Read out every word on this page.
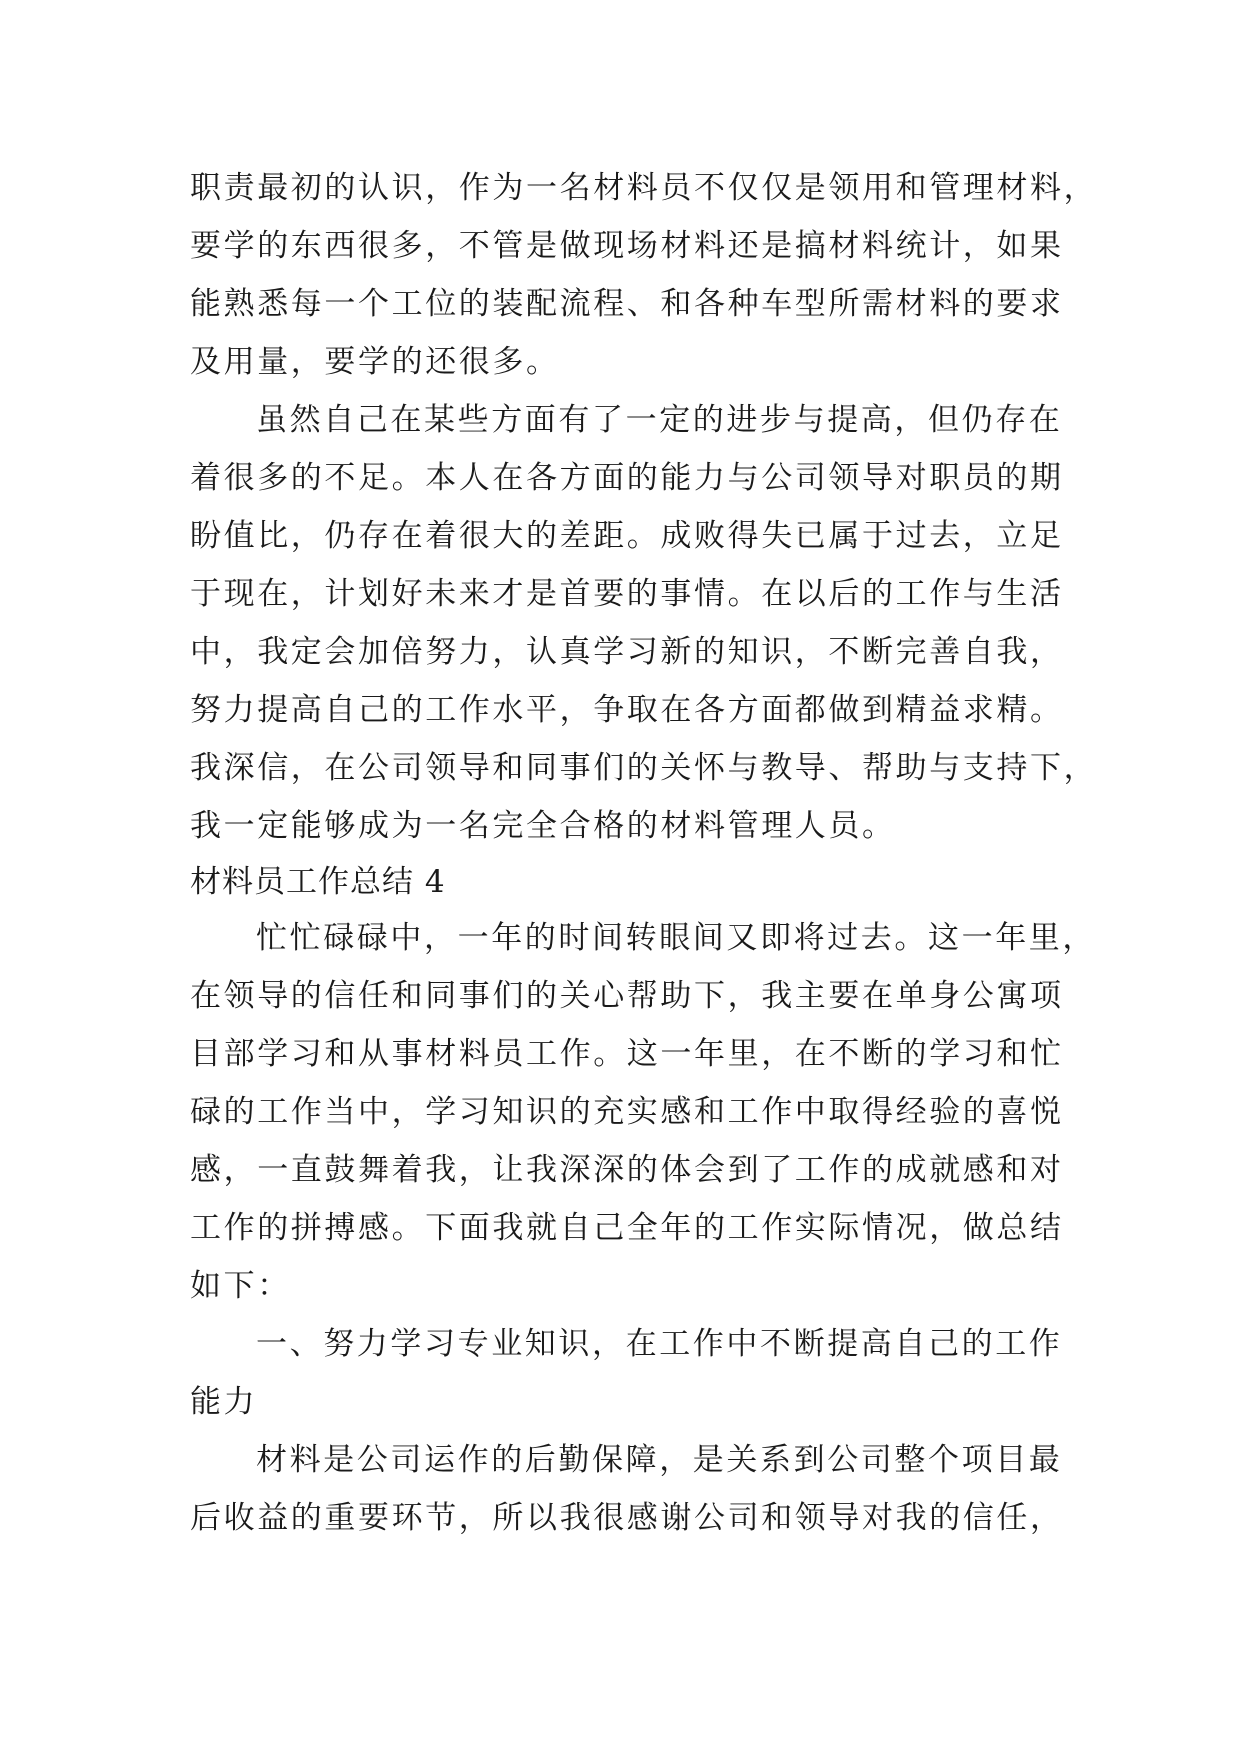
职责最初的认识，作为一名材料员不仅仅是领用和管理材料，
要学的东西很多，不管是做现场材料还是搞材料统计，如果
能熟悉每一个工位的装配流程、和各种车型所需材料的要求
及用量，要学的还很多。
虽然自己在某些方面有了一定的进步与提高，但仍存在
着很多的不足。本人在各方面的能力与公司领导对职员的期
盼值比，仍存在着很大的差距。成败得失已属于过去，立足
于现在，计划好未来才是首要的事情。在以后的工作与生活
中，我定会加倍努力，认真学习新的知识，不断完善自我，
努力提高自己的工作水平，争取在各方面都做到精益求精。
我深信，在公司领导和同事们的关怀与教导、帮助与支持下，
我一定能够成为一名完全合格的材料管理人员。
材料员工作总结 4
忙忙碌碌中，一年的时间转眼间又即将过去。这一年里，
在领导的信任和同事们的关心帮助下，我主要在单身公寓项
目部学习和从事材料员工作。这一年里，在不断的学习和忙
碌的工作当中，学习知识的充实感和工作中取得经验的喜悦
感，一直鼓舞着我，让我深深的体会到了工作的成就感和对
工作的拼搏感。下面我就自己全年的工作实际情况，做总结
如下：
一、努力学习专业知识，在工作中不断提高自己的工作
能力
材料是公司运作的后勤保障，是关系到公司整个项目最
后收益的重要环节，所以我很感谢公司和领导对我的信任，
